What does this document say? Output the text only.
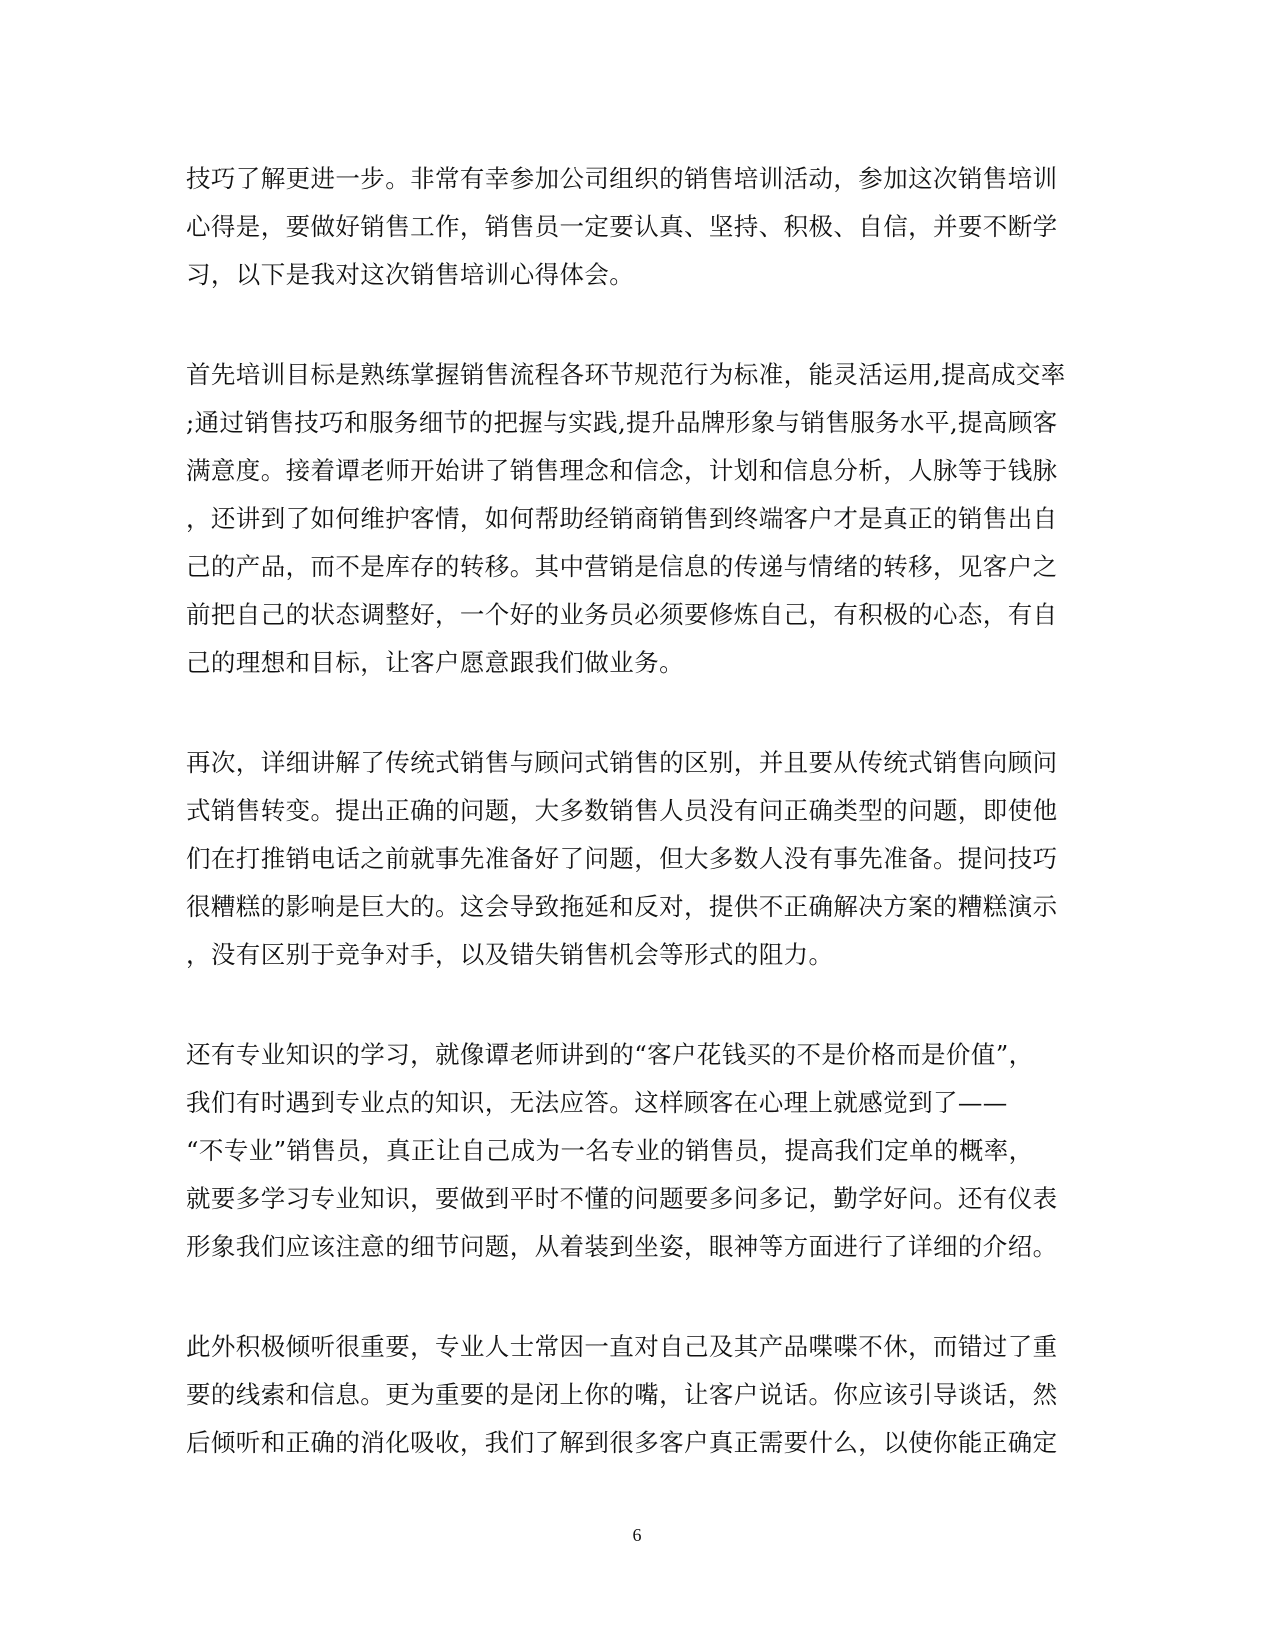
技巧了解更进一步。非常有幸参加公司组织的销售培训活动，参加这次销售培训
心得是，要做好销售工作，销售员一定要认真、坚持、积极、自信，并要不断学
习，以下是我对这次销售培训心得体会。
首先培训目标是熟练掌握销售流程各环节规范行为标准，能灵活运用,提高成交率
;通过销售技巧和服务细节的把握与实践,提升品牌形象与销售服务水平,提高顾客
满意度。接着谭老师开始讲了销售理念和信念，计划和信息分析，人脉等于钱脉
，还讲到了如何维护客情，如何帮助经销商销售到终端客户才是真正的销售出自
己的产品，而不是库存的转移。其中营销是信息的传递与情绪的转移，见客户之
前把自己的状态调整好，一个好的业务员必须要修炼自己，有积极的心态，有自
己的理想和目标，让客户愿意跟我们做业务。
再次，详细讲解了传统式销售与顾问式销售的区别，并且要从传统式销售向顾问
式销售转变。提出正确的问题，大多数销售人员没有问正确类型的问题，即使他
们在打推销电话之前就事先准备好了问题，但大多数人没有事先准备。提问技巧
很糟糕的影响是巨大的。这会导致拖延和反对，提供不正确解决方案的糟糕演示
，没有区别于竞争对手，以及错失销售机会等形式的阻力。
还有专业知识的学习，就像谭老师讲到的“客户花钱买的不是价格而是价值”，
我们有时遇到专业点的知识，无法应答。这样顾客在心理上就感觉到了——
“不专业”销售员，真正让自己成为一名专业的销售员，提高我们定单的概率，
就要多学习专业知识，要做到平时不懂的问题要多问多记，勤学好问。还有仪表
形象我们应该注意的细节问题，从着装到坐姿，眼神等方面进行了详细的介绍。
此外积极倾听很重要，专业人士常因一直对自己及其产品喋喋不休，而错过了重
要的线索和信息。更为重要的是闭上你的嘴，让客户说话。你应该引导谈话，然
后倾听和正确的消化吸收，我们了解到很多客户真正需要什么，以使你能正确定
6
